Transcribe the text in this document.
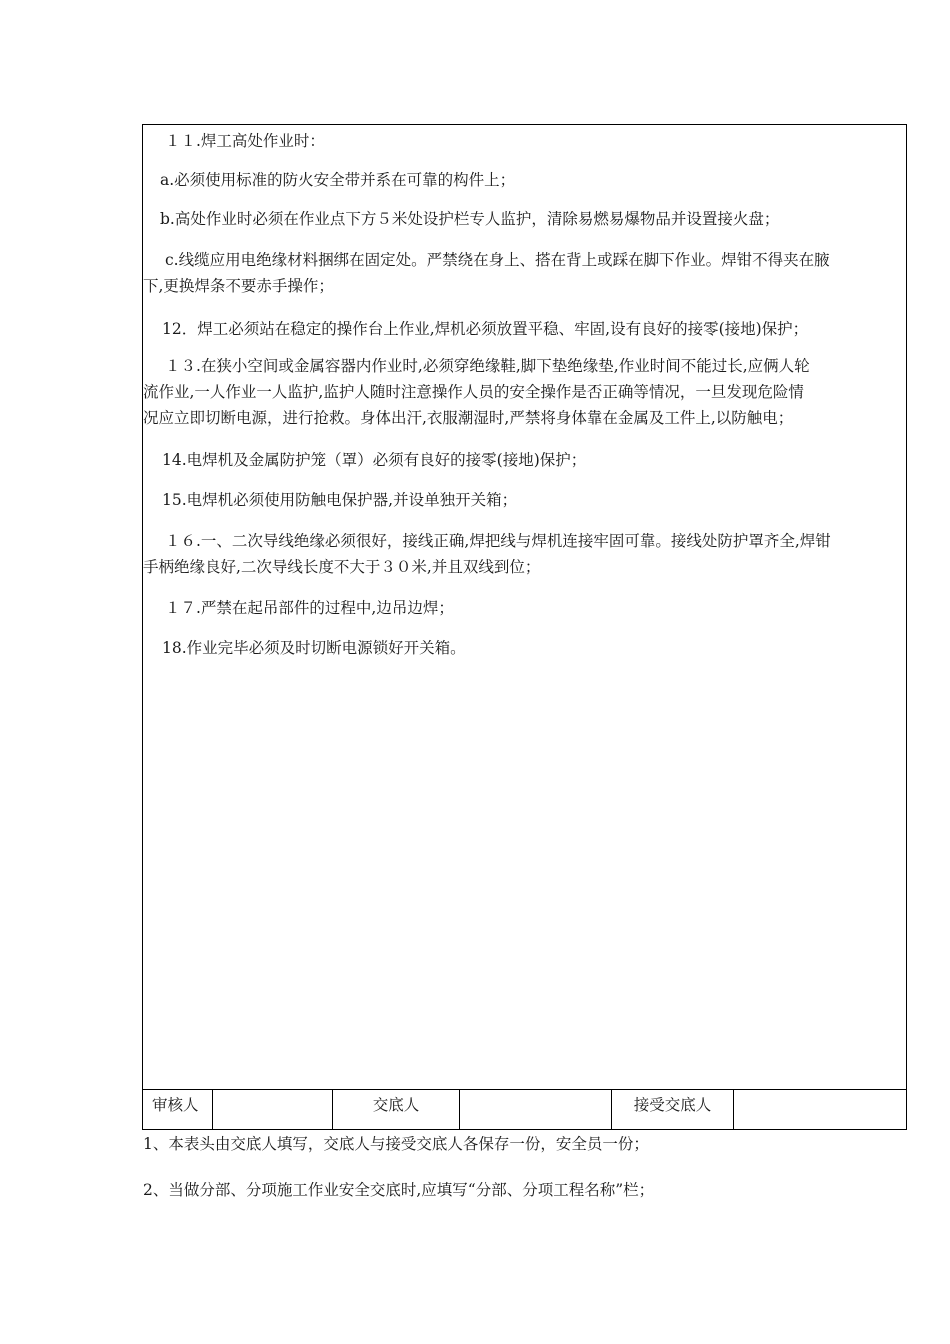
１１.焊工高处作业时：

a.必须使用标准的防火安全带并系在可靠的构件上；

b.高处作业时必须在作业点下方５米处设护栏专人监护，清除易燃易爆物品并设置接火盘；

c.线缆应用电绝缘材料捆绑在固定处。严禁绕在身上、搭在背上或踩在脚下作业。焊钳不得夹在腋
下,更换焊条不要赤手操作；

12．焊工必须站在稳定的操作台上作业,焊机必须放置平稳、牢固,设有良好的接零(接地)保护；

１３.在狭小空间或金属容器内作业时,必须穿绝缘鞋,脚下垫绝缘垫,作业时间不能过长,应俩人轮
流作业,一人作业一人监护,监护人随时注意操作人员的安全操作是否正确等情况，一旦发现危险情
况应立即切断电源，进行抢救。身体出汗,衣服潮湿时,严禁将身体靠在金属及工件上,以防触电；

14.电焊机及金属防护笼（罩）必须有良好的接零(接地)保护；

15.电焊机必须使用防触电保护器,并设单独开关箱；

１６.一、二次导线绝缘必须很好，接线正确,焊把线与焊机连接牢固可靠。接线处防护罩齐全,焊钳
手柄绝缘良好,二次导线长度不大于３０米,并且双线到位；

１７.严禁在起吊部件的过程中,边吊边焊；

18.作业完毕必须及时切断电源锁好开关箱。

审核人	交底人	接受交底人
1、本表头由交底人填写，交底人与接受交底人各保存一份，安全员一份；
2、当做分部、分项施工作业安全交底时,应填写“分部、分项工程名称”栏；
